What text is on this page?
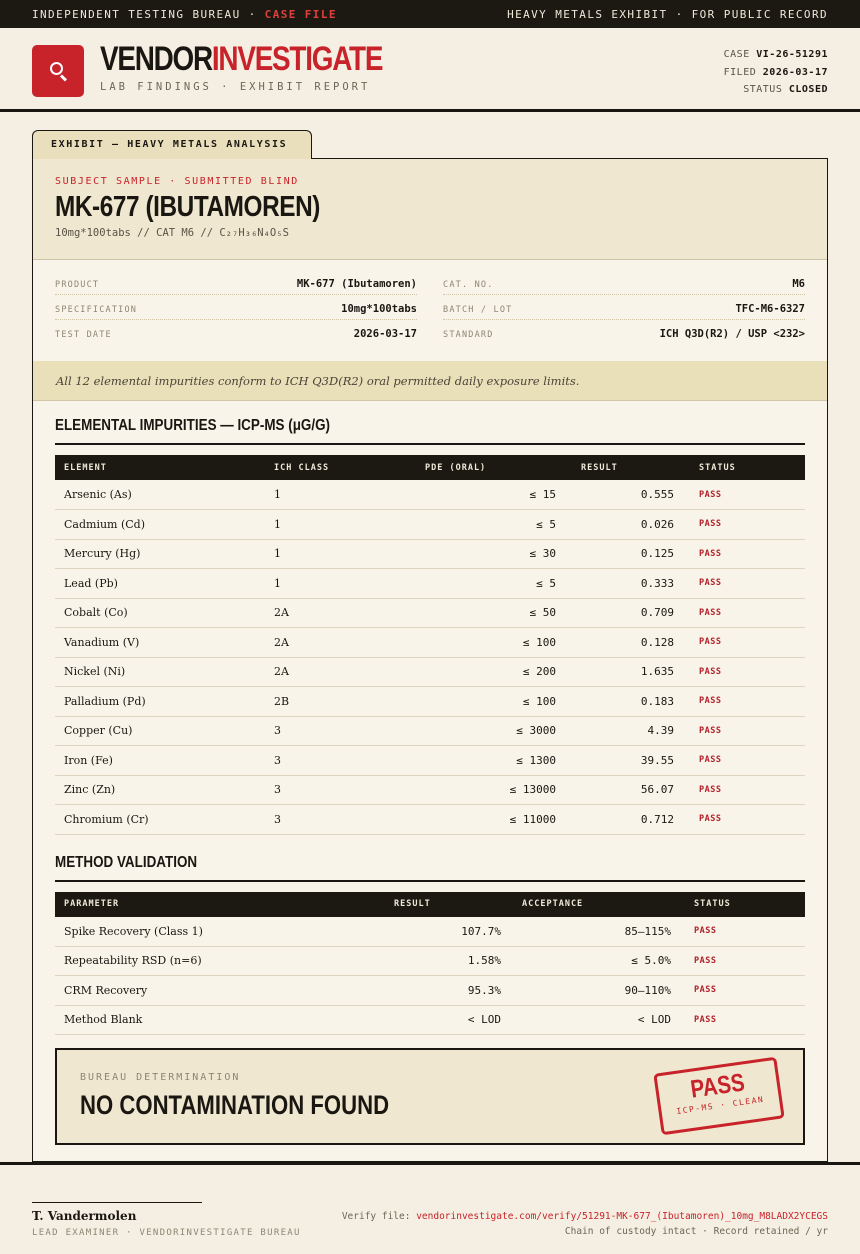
INDEPENDENT TESTING BUREAU · CASE FILE	HEAVY METALS EXHIBIT · FOR PUBLIC RECORD
VENDORINVESTIGATE
LAB FINDINGS · EXHIBIT REPORT
CASE VI-26-51291
FILED 2026-03-17
STATUS CLOSED
EXHIBIT — HEAVY METALS ANALYSIS
SUBJECT SAMPLE · SUBMITTED BLIND
MK-677 (IBUTAMOREN)
10mg*100tabs // CAT M6 // C₂₇H₃₆N₄O₅S
PRODUCT	MK-677 (Ibutamoren)
SPECIFICATION	10mg*100tabs
TEST DATE	2026-03-17
CAT. NO.	M6
BATCH / LOT	TFC-M6-6327
STANDARD	ICH Q3D(R2) / USP <232>
All 12 elemental impurities conform to ICH Q3D(R2) oral permitted daily exposure limits.
ELEMENTAL IMPURITIES — ICP-MS (μG/G)
ELEMENT	ICH CLASS	PDE (ORAL)	RESULT	STATUS
Arsenic (As)	1	≤ 15	0.555	PASS
Cadmium (Cd)	1	≤ 5	0.026	PASS
Mercury (Hg)	1	≤ 30	0.125	PASS
Lead (Pb)	1	≤ 5	0.333	PASS
Cobalt (Co)	2A	≤ 50	0.709	PASS
Vanadium (V)	2A	≤ 100	0.128	PASS
Nickel (Ni)	2A	≤ 200	1.635	PASS
Palladium (Pd)	2B	≤ 100	0.183	PASS
Copper (Cu)	3	≤ 3000	4.39	PASS
Iron (Fe)	3	≤ 1300	39.55	PASS
Zinc (Zn)	3	≤ 13000	56.07	PASS
Chromium (Cr)	3	≤ 11000	0.712	PASS
METHOD VALIDATION
PARAMETER	RESULT	ACCEPTANCE	STATUS
Spike Recovery (Class 1)	107.7%	85–115%	PASS
Repeatability RSD (n=6)	1.58%	≤ 5.0%	PASS
CRM Recovery	95.3%	90–110%	PASS
Method Blank	< LOD	< LOD	PASS
BUREAU DETERMINATION
NO CONTAMINATION FOUND
PASS
ICP-MS · CLEAN
T. Vandermolen
LEAD EXAMINER · VENDORINVESTIGATE BUREAU
Verify file: vendorinvestigate.com/verify/51291-MK-677_(Ibutamoren)_10mg_M8LADX2YCEGS
Chain of custody intact · Record retained / yr
